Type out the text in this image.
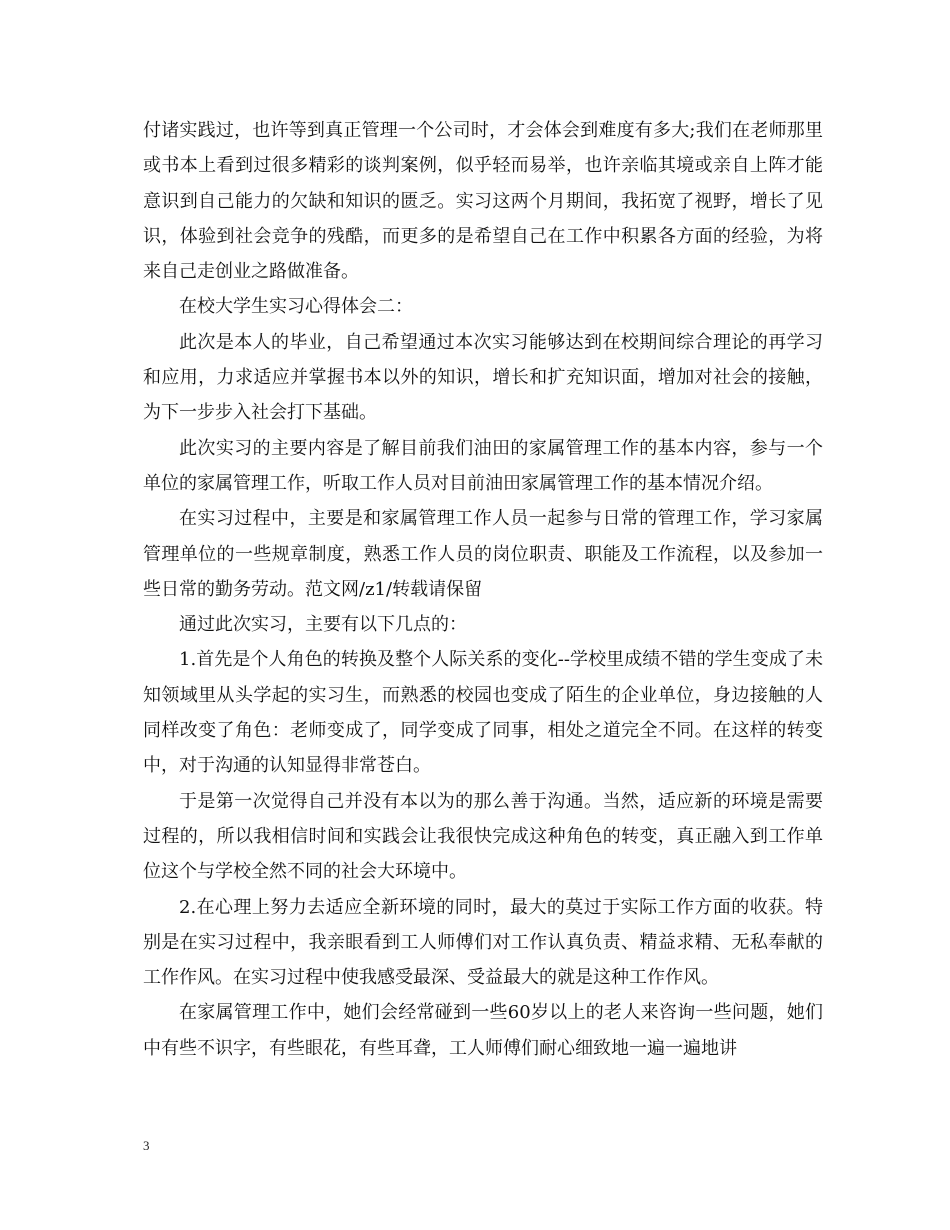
付诸实践过，也许等到真正管理一个公司时，才会体会到难度有多大;我们在老师那里或书本上看到过很多精彩的谈判案例，似乎轻而易举，也许亲临其境或亲自上阵才能意识到自己能力的欠缺和知识的匮乏。实习这两个月期间，我拓宽了视野，增长了见识，体验到社会竞争的残酷，而更多的是希望自己在工作中积累各方面的经验，为将来自己走创业之路做准备。

在校大学生实习心得体会二：

此次是本人的毕业，自己希望通过本次实习能够达到在校期间综合理论的再学习和应用，力求适应并掌握书本以外的知识，增长和扩充知识面，增加对社会的接触，为下一步步入社会打下基础。

此次实习的主要内容是了解目前我们油田的家属管理工作的基本内容，参与一个单位的家属管理工作，听取工作人员对目前油田家属管理工作的基本情况介绍。

在实习过程中，主要是和家属管理工作人员一起参与日常的管理工作，学习家属管理单位的一些规章制度，熟悉工作人员的岗位职责、职能及工作流程，以及参加一些日常的勤务劳动。范文网/z1/转载请保留

通过此次实习，主要有以下几点的：

1.首先是个人角色的转换及整个人际关系的变化--学校里成绩不错的学生变成了未知领域里从头学起的实习生，而熟悉的校园也变成了陌生的企业单位，身边接触的人同样改变了角色：老师变成了，同学变成了同事，相处之道完全不同。在这样的转变中，对于沟通的认知显得非常苍白。

于是第一次觉得自己并没有本以为的那么善于沟通。当然，适应新的环境是需要过程的，所以我相信时间和实践会让我很快完成这种角色的转变，真正融入到工作单位这个与学校全然不同的社会大环境中。

2.在心理上努力去适应全新环境的同时，最大的莫过于实际工作方面的收获。特别是在实习过程中，我亲眼看到工人师傅们对工作认真负责、精益求精、无私奉献的工作作风。在实习过程中使我感受最深、受益最大的就是这种工作作风。

在家属管理工作中，她们会经常碰到一些60岁以上的老人来咨询一些问题，她们中有些不识字，有些眼花，有些耳聋，工人师傅们耐心细致地一遍一遍地讲

3
